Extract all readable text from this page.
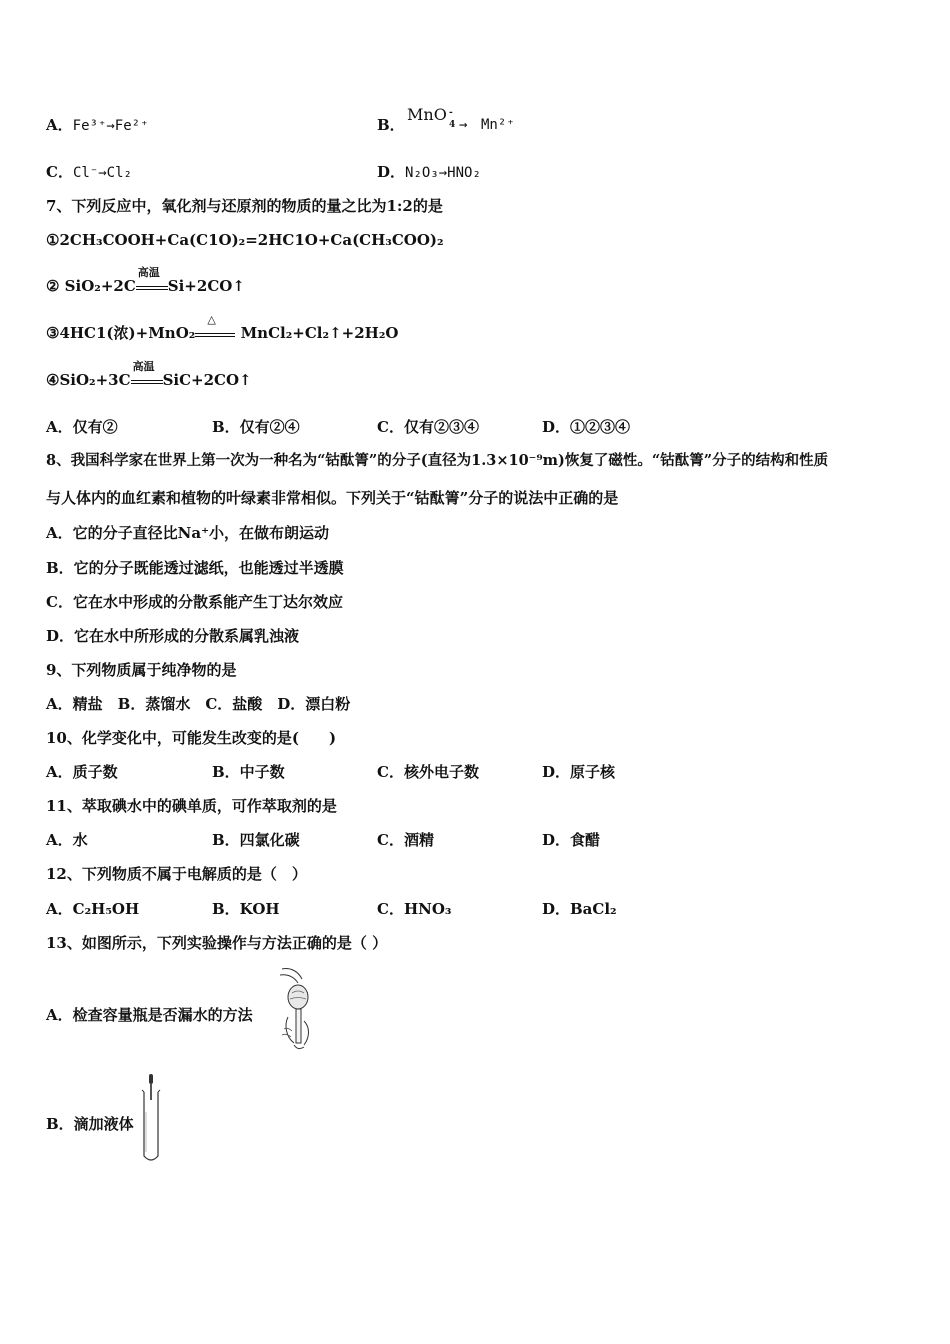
A．Fe³⁺→Fe²⁺	B．
MnO -
4 → Mn²⁺
C．Cl⁻→Cl₂	D．N₂O₃→HNO₂
7、下列反应中，氧化剂与还原剂的物质的量之比为1:2的是
①2CH₃COOH+Ca(C1O)₂=2HC1O+Ca(CH₃COO)₂
② SiO₂+2C
高温
Si+2CO↑
③4HC1(浓)+MnO₂
△
MnCl₂+Cl₂↑+2H₂O
④SiO₂+3C
高温
SiC+2CO↑
A．仅有②	B．仅有②④	C．仅有②③④	D．①②③④
8、我国科学家在世界上第一次为一种名为“钴酞箐”的分子(直径为1.3×10⁻⁹m)恢复了磁性。“钴酞箐”分子的结构和性质
与人体内的血红素和植物的叶绿素非常相似。下列关于“钴酞箐”分子的说法中正确的是
A．它的分子直径比Na⁺小，在做布朗运动
B．它的分子既能透过滤纸，也能透过半透膜
C．它在水中形成的分散系能产生丁达尔效应
D．它在水中所形成的分散系属乳浊液
9、下列物质属于纯净物的是
A．精盐　B．蒸馏水　C．盐酸　D．漂白粉
10、化学变化中，可能发生改变的是(　　)
A．质子数	B．中子数	C．核外电子数	D．原子核
11、萃取碘水中的碘单质，可作萃取剂的是
A．水	B．四氯化碳	C．酒精	D．食醋
12、下列物质不属于电解质的是（　）
A．C₂H₅OH	B．KOH	C．HNO₃	D．BaCl₂
13、如图所示，下列实验操作与方法正确的是（ ）
A．检查容量瓶是否漏水的方法
B．滴加液体
